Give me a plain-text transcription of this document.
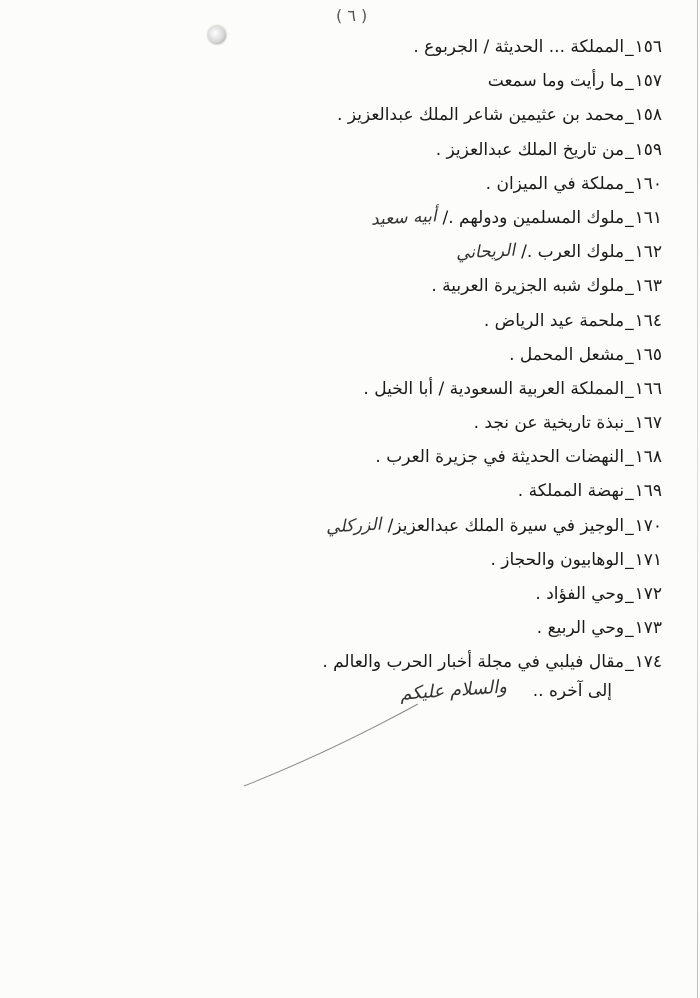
( ٦ )
١٥٦
_
المملكة ... الحديثة / الجربوع .
١٥٧
_
ما رأيت وما سمعت
١٥٨
_
محمد بن عثيمين شاعر الملك عبدالعزيز .
١٥٩
_
من تاريخ الملك عبدالعزيز .
١٦٠
_
مملكة في الميزان .
١٦١
_
ملوك المسلمين ودولهم ./
أبيه سعيد
١٦٢
_
ملوك العرب ./
الريحاني
١٦٣
_
ملوك شبه الجزيرة العربية .
١٦٤
_
ملحمة عيد الرياض .
١٦٥
_
مشعل المحمل .
١٦٦
_
المملكة العربية السعودية / أبا الخيل .
١٦٧
_
نبذة تاريخية عن نجد .
١٦٨
_
النهضات الحديثة في جزيرة العرب .
١٦٩
_
نهضة المملكة .
١٧٠
_
الوجيز في سيرة الملك عبدالعزيز/
الزركلي
١٧١
_
الوهابيون والحجاز .
١٧٢
_
وحي الفؤاد .
١٧٣
_
وحي الربيع .
١٧٤
_
مقال فيلبي في مجلة أخبار الحرب والعالم .
إلى آخره ..
والسلام عليكم
